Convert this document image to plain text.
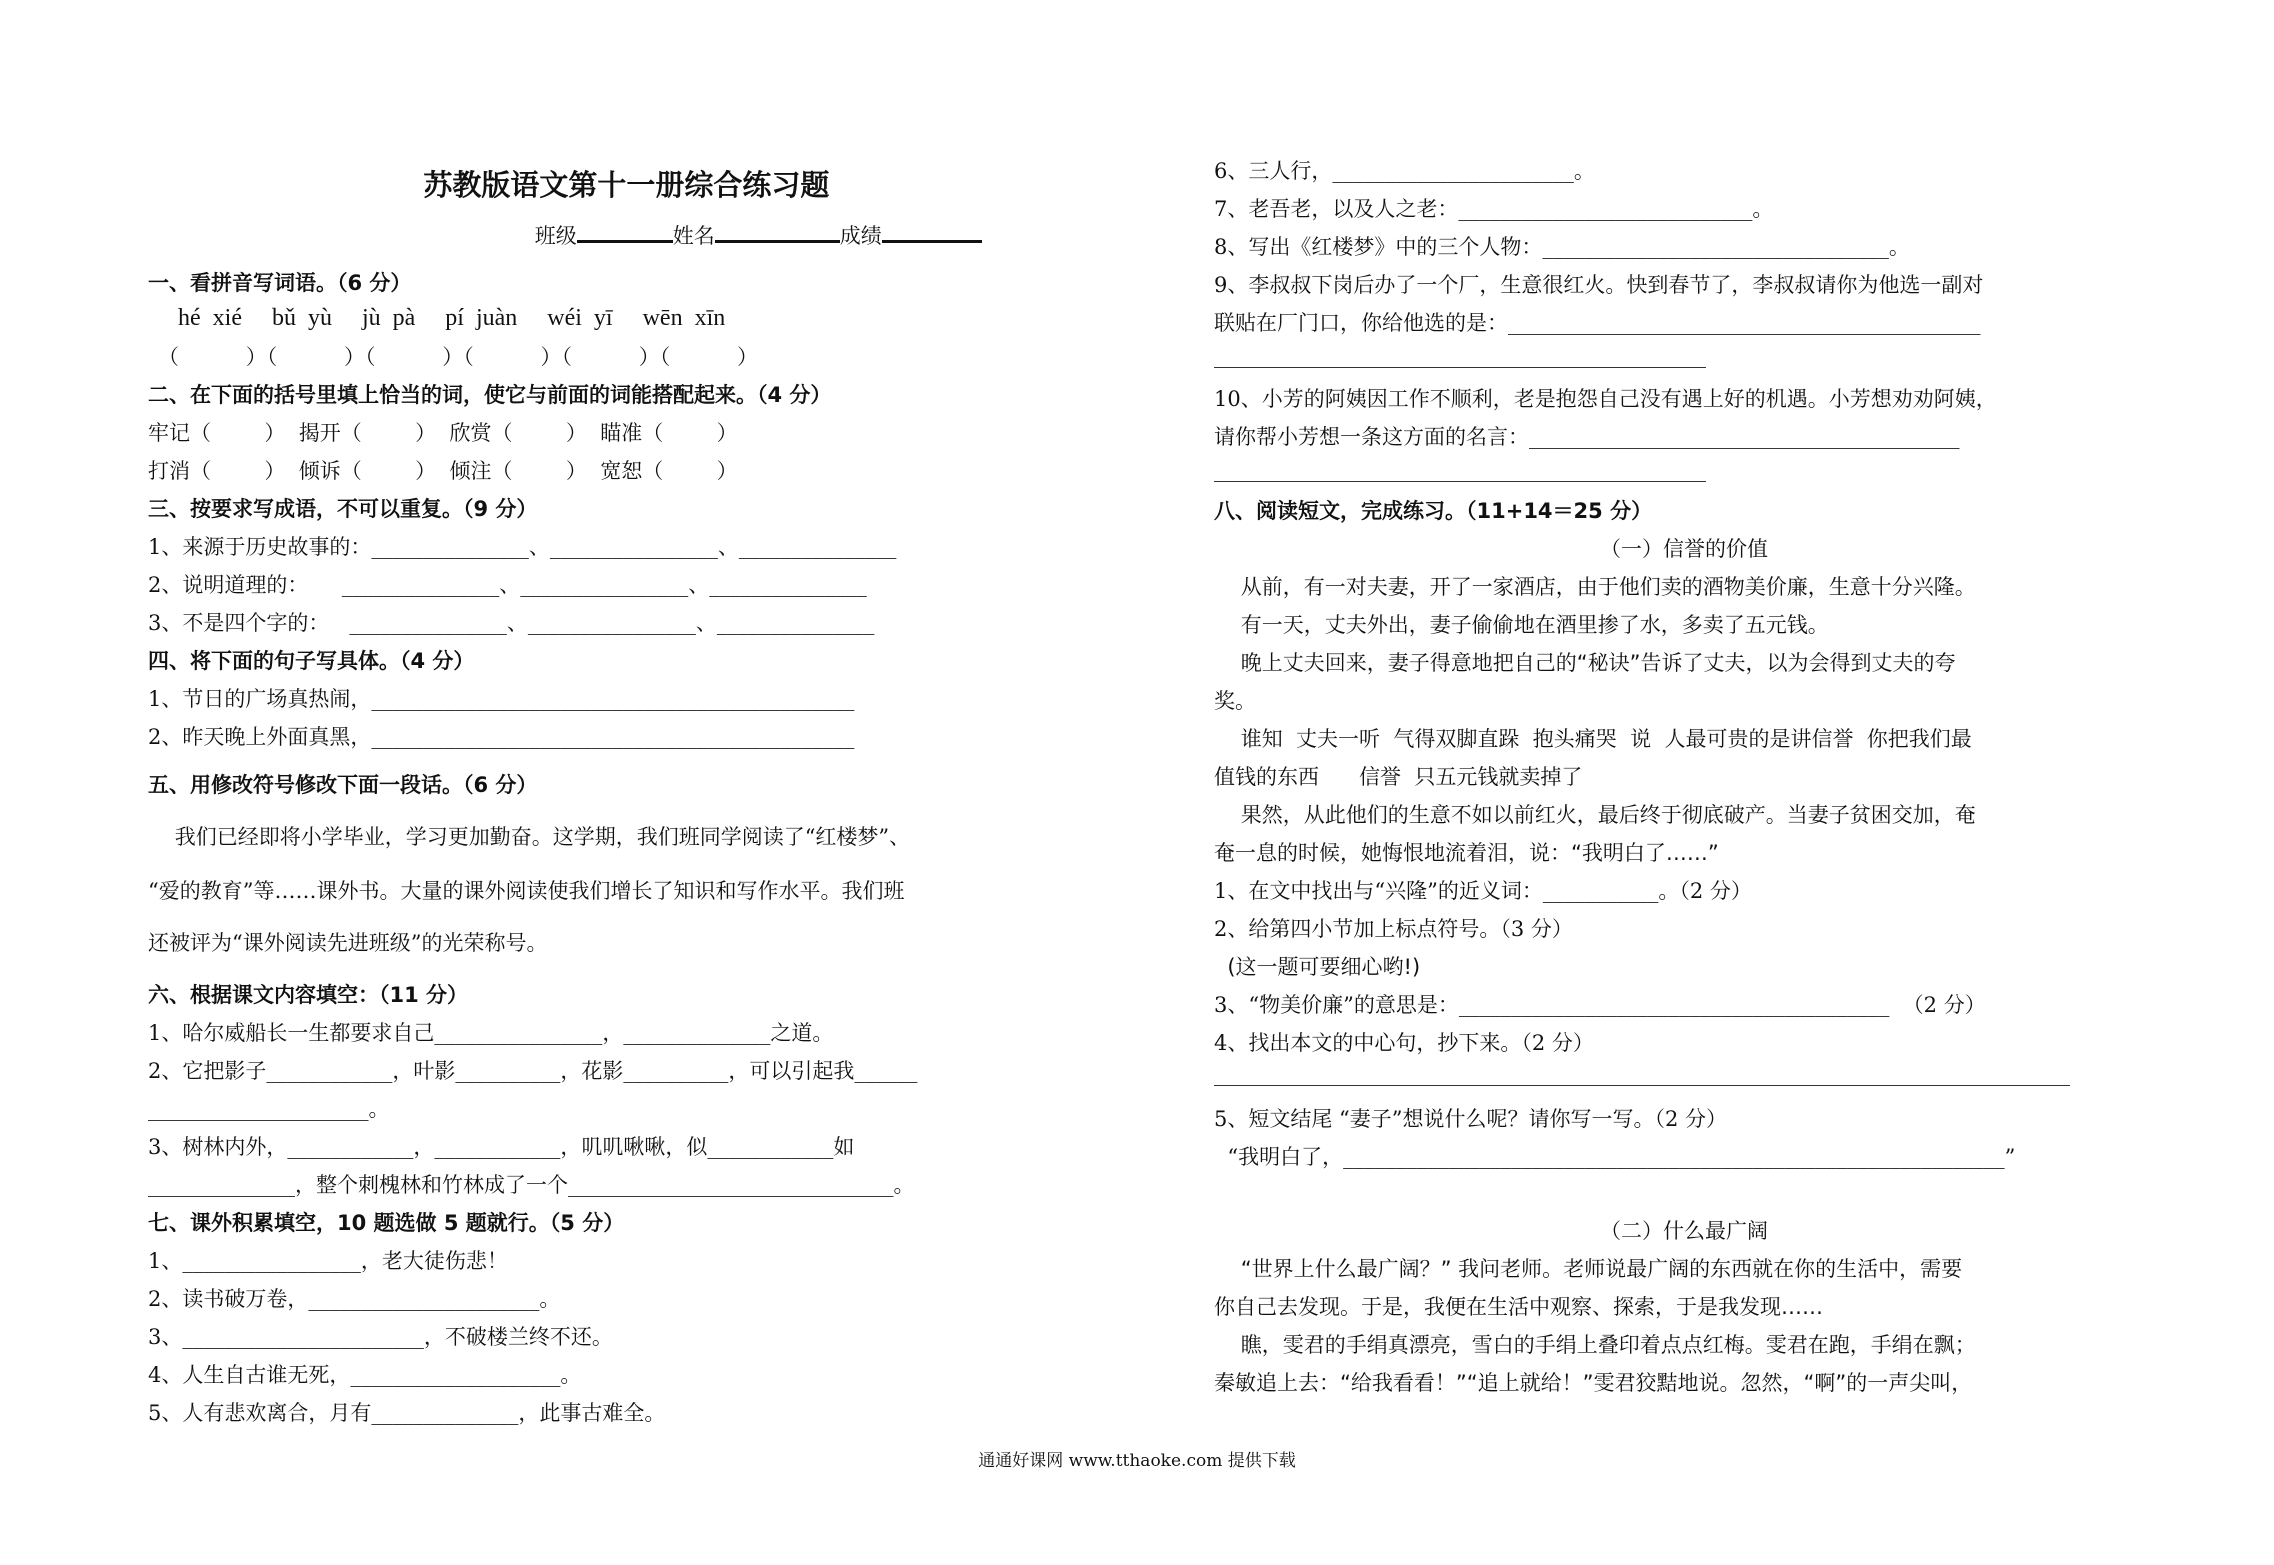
苏教版语文第十一册综合练习题

班级	姓名	成绩

一、看拼音写词语。（6 分）
hé  xié     bǔ  yù     jù  pà     pí  juàn     wéi  yī     wēn  xīn
（          ）（          ）（          ）（          ）（          ）（          ）
二、在下面的括号里填上恰当的词，使它与前面的词能搭配起来。（4 分）
牢记（        ）  揭开（        ）  欣赏（        ）  瞄准（        ）
打消（        ）  倾诉（        ）  倾注（        ）  宽恕（        ）
三、按要求写成语，不可以重复。（9 分）
1、来源于历史故事的：_______________、________________、_______________
2、说明道理的：     _______________、________________、_______________
3、不是四个字的：   _______________、________________、_______________
四、将下面的句子写具体。（4 分）
1、节日的广场真热闹，______________________________________________
2、昨天晚上外面真黑，______________________________________________
五、用修改符号修改下面一段话。（6 分）
我们已经即将小学毕业，学习更加勤奋。这学期，我们班同学阅读了“红楼梦”、
“爱的教育”等……课外书。大量的课外阅读使我们增长了知识和写作水平。我们班
还被评为“课外阅读先进班级”的光荣称号。
六、根据课文内容填空：（11 分）
1、哈尔威船长一生都要求自己________________，______________之道。
2、它把影子____________，叶影__________，花影__________，可以引起我______
_____________________。
3、树林内外，____________，____________，叽叽啾啾，似____________如
______________，整个刺槐林和竹林成了一个_______________________________。
七、课外积累填空，10 题选做 5 题就行。（5 分）
1、_________________，老大徒伤悲！
2、读书破万卷，______________________。
3、_______________________，不破楼兰终不还。
4、人生自古谁无死，____________________。
5、人有悲欢离合，月有______________，此事古难全。
6、三人行，_______________________。
7、老吾老，以及人之老：____________________________。
8、写出《红楼梦》中的三个人物：_________________________________。
9、李叔叔下岗后办了一个厂，生意很红火。快到春节了，李叔叔请你为他选一副对
联贴在厂门口，你给他选的是：_____________________________________________
10、小芳的阿姨因工作不顺利，老是抱怨自己没有遇上好的机遇。小芳想劝劝阿姨，
请你帮小芳想一条这方面的名言：_________________________________________
八、阅读短文，完成练习。（11+14＝25 分）
（一）信誉的价值
从前，有一对夫妻，开了一家酒店，由于他们卖的酒物美价廉，生意十分兴隆。
有一天，丈夫外出，妻子偷偷地在酒里掺了水，多卖了五元钱。
晚上丈夫回来，妻子得意地把自己的“秘诀”告诉了丈夫，以为会得到丈夫的夸
奖。
谁知  丈夫一听  气得双脚直跺  抱头痛哭  说  人最可贵的是讲信誉  你把我们最
值钱的东西      信誉  只五元钱就卖掉了
果然，从此他们的生意不如以前红火，最后终于彻底破产。当妻子贫困交加，奄
奄一息的时候，她悔恨地流着泪，说：“我明白了……”
1、在文中找出与“兴隆”的近义词：___________。（2 分）
2、给第四小节加上标点符号。（3 分）
(这一题可要细心哟!)
3、“物美价廉”的意思是：_________________________________________  （2 分）
4、找出本文的中心句，抄下来。（2 分）
5、短文结尾 “妻子”想说什么呢？请你写一写。（2 分）
“我明白了，_______________________________________________________________”
（二）什么最广阔
“世界上什么最广阔？” 我问老师。老师说最广阔的东西就在你的生活中，需要
你自己去发现。于是，我便在生活中观察、探索，于是我发现……
瞧，雯君的手绢真漂亮，雪白的手绢上叠印着点点红梅。雯君在跑，手绢在飘；
秦敏追上去：“给我看看！”“追上就给！”雯君狡黠地说。忽然，“啊”的一声尖叫，
通通好课网 www.tthaoke.com 提供下载
